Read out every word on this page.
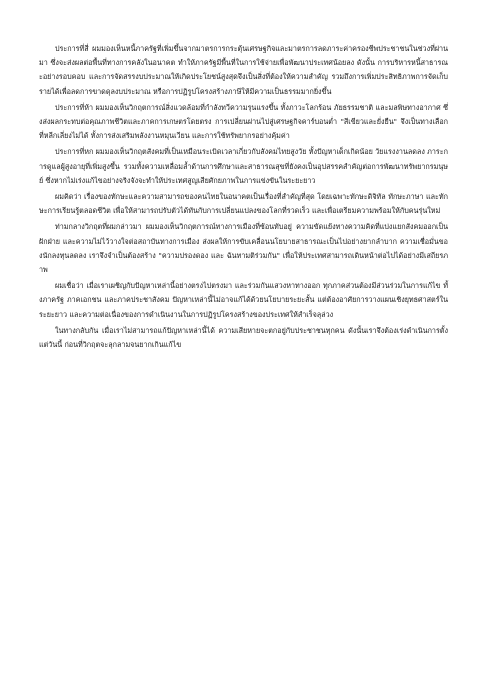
ประการที่สี่ ผมมองเห็นหนี้ภาครัฐที่เพิ่มขึ้นจากมาตรการกระตุ้นเศรษฐกิจและมาตรการลดภาระค่าครองชีพประชาชนในช่วงที่ผ่านมา ซึ่งจะส่งผลต่อพื้นที่ทางการคลังในอนาคต ทำให้ภาครัฐมีพื้นที่ในการใช้จ่ายเพื่อพัฒนาประเทศน้อยลง ดังนั้น การบริหารหนี้สาธารณะอย่างรอบคอบ และการจัดสรรงบประมาณให้เกิดประโยชน์สูงสุดจึงเป็นสิ่งที่ต้องให้ความสำคัญ รวมถึงการเพิ่มประสิทธิภาพการจัดเก็บรายได้เพื่อลดการขาดดุลงบประมาณ หรือการปฏิรูปโครงสร้างภาษีให้มีความเป็นธรรมมากยิ่งขึ้น

ประการที่ห้า ผมมองเห็นวิกฤตการณ์สิ่งแวดล้อมที่กำลังทวีความรุนแรงขึ้น ทั้งภาวะโลกร้อน ภัยธรรมชาติ และมลพิษทางอากาศ ซึ่งส่งผลกระทบต่อคุณภาพชีวิตและภาคการเกษตรโดยตรง การเปลี่ยนผ่านไปสู่เศรษฐกิจคาร์บอนต่ำ "สีเขียวและยั่งยืน" จึงเป็นทางเลือกที่หลีกเลี่ยงไม่ได้ ทั้งการส่งเสริมพลังงานหมุนเวียน และการใช้ทรัพยากรอย่างคุ้มค่า

ประการที่หก ผมมองเห็นวิกฤตสังคมที่เป็นเหมือนระเบิดเวลาเกี่ยวกับสังคมไทยสูงวัย ทั้งปัญหาเด็กเกิดน้อย วัยแรงงานลดลง ภาระการดูแลผู้สูงอายุที่เพิ่มสูงขึ้น รวมทั้งความเหลื่อมล้ำด้านการศึกษาและสาธารณสุขที่ยังคงเป็นอุปสรรคสำคัญต่อการพัฒนาทรัพยากรมนุษย์ ซึ่งหากไม่เร่งแก้ไขอย่างจริงจังจะทำให้ประเทศสูญเสียศักยภาพในการแข่งขันในระยะยาว

ผมคิดว่า เรื่องของทักษะและความสามารถของคนไทยในอนาคตเป็นเรื่องที่สำคัญที่สุด โดยเฉพาะทักษะดิจิทัล ทักษะภาษา และทักษะการเรียนรู้ตลอดชีวิต เพื่อให้สามารถปรับตัวได้ทันกับการเปลี่ยนแปลงของโลกที่รวดเร็ว และเพื่อเตรียมความพร้อมให้กับคนรุ่นใหม่

ท่ามกลางวิกฤตที่ผมกล่าวมา ผมมองเห็นวิกฤตการณ์ทางการเมืองที่ซ้อนทับอยู่ ความขัดแย้งทางความคิดที่แบ่งแยกสังคมออกเป็นฝักฝ่าย และความไม่ไว้วางใจต่อสถาบันทางการเมือง ส่งผลให้การขับเคลื่อนนโยบายสาธารณะเป็นไปอย่างยากลำบาก ความเชื่อมั่นของนักลงทุนลดลง เราจึงจำเป็นต้องสร้าง "ความปรองดอง และ ฉันทามติร่วมกัน" เพื่อให้ประเทศสามารถเดินหน้าต่อไปได้อย่างมีเสถียรภาพ

ผมเชื่อว่า เมื่อเราเผชิญกับปัญหาเหล่านี้อย่างตรงไปตรงมา และร่วมกันแสวงหาทางออก ทุกภาคส่วนต้องมีส่วนร่วมในการแก้ไข ทั้งภาครัฐ ภาคเอกชน และภาคประชาสังคม ปัญหาเหล่านี้ไม่อาจแก้ได้ด้วยนโยบายระยะสั้น แต่ต้องอาศัยการวางแผนเชิงยุทธศาสตร์ในระยะยาว และความต่อเนื่องของการดำเนินงานในการปฏิรูปโครงสร้างของประเทศให้สำเร็จลุล่วง

ในทางกลับกัน เมื่อเราไม่สามารถแก้ปัญหาเหล่านี้ได้ ความเสียหายจะตกอยู่กับประชาชนทุกคน ดังนั้นเราจึงต้องเร่งดำเนินการตั้งแต่วันนี้ ก่อนที่วิกฤตจะลุกลามจนยากเกินแก้ไข
